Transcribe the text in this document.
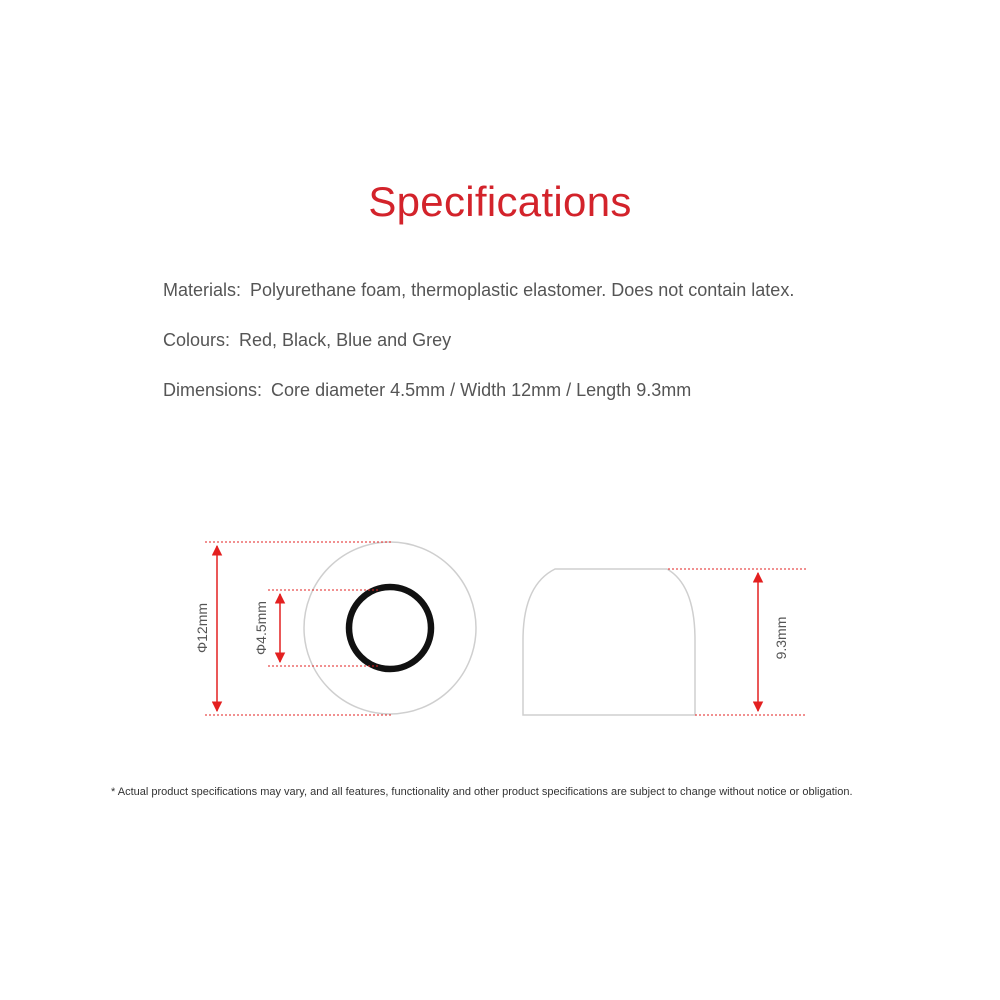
Specifications
Materials: Polyurethane foam, thermoplastic elastomer. Does not contain latex.
Colours: Red, Black, Blue and Grey
Dimensions: Core diameter 4.5mm / Width 12mm / Length 9.3mm
Φ12mm	Φ4.5mm	9.3mm
* Actual product specifications may vary, and all features, functionality and other product specifications are subject to change without notice or obligation.
